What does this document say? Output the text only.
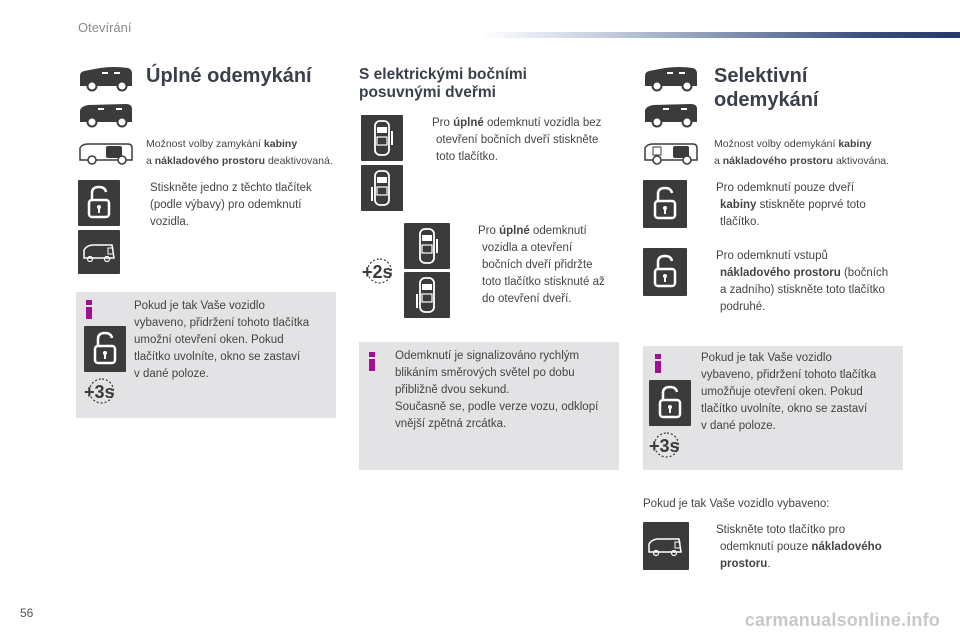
Otevírání
Úplné odemykání
Možnost volby zamykání kabiny
a nákladového prostoru deaktivovaná.
Stiskněte jedno z těchto tlačítek
(podle výbavy) pro odemknutí
vozidla.
+3s
Pokud je tak Vaše vozidlo
vybaveno, přidržení tohoto tlačítka
umožní otevření oken. Pokud
tlačítko uvolníte, okno se zastaví
v dané poloze.
S elektrickými bočními
posuvnými dveřmi
Pro úplné odemknutí vozidla bez
otevření bočních dveří stiskněte
toto tlačítko.
+2s
Pro úplné odemknutí
vozidla a otevření
bočních dveří přidržte
toto tlačítko stisknuté až
do otevření dveří.
Odemknutí je signalizováno rychlým
blikáním směrových světel po dobu
přibližně dvou sekund.
Současně se, podle verze vozu, odklopí
vnější zpětná zrcátka.
Selektivní
odemykání
Možnost volby odemykání kabiny
a nákladového prostoru aktivována.
Pro odemknutí pouze dveří
kabiny stiskněte poprvé toto
tlačítko.
Pro odemknutí vstupů
nákladového prostoru (bočních
a zadního) stiskněte toto tlačítko
podruhé.
+3s
Pokud je tak Vaše vozidlo
vybaveno, přidržení tohoto tlačítka
umožňuje otevření oken. Pokud
tlačítko uvolníte, okno se zastaví
v dané poloze.
Pokud je tak Vaše vozidlo vybaveno:
Stiskněte toto tlačítko pro
odemknutí pouze nákladového
prostoru.
56	carmanualsonline.info
